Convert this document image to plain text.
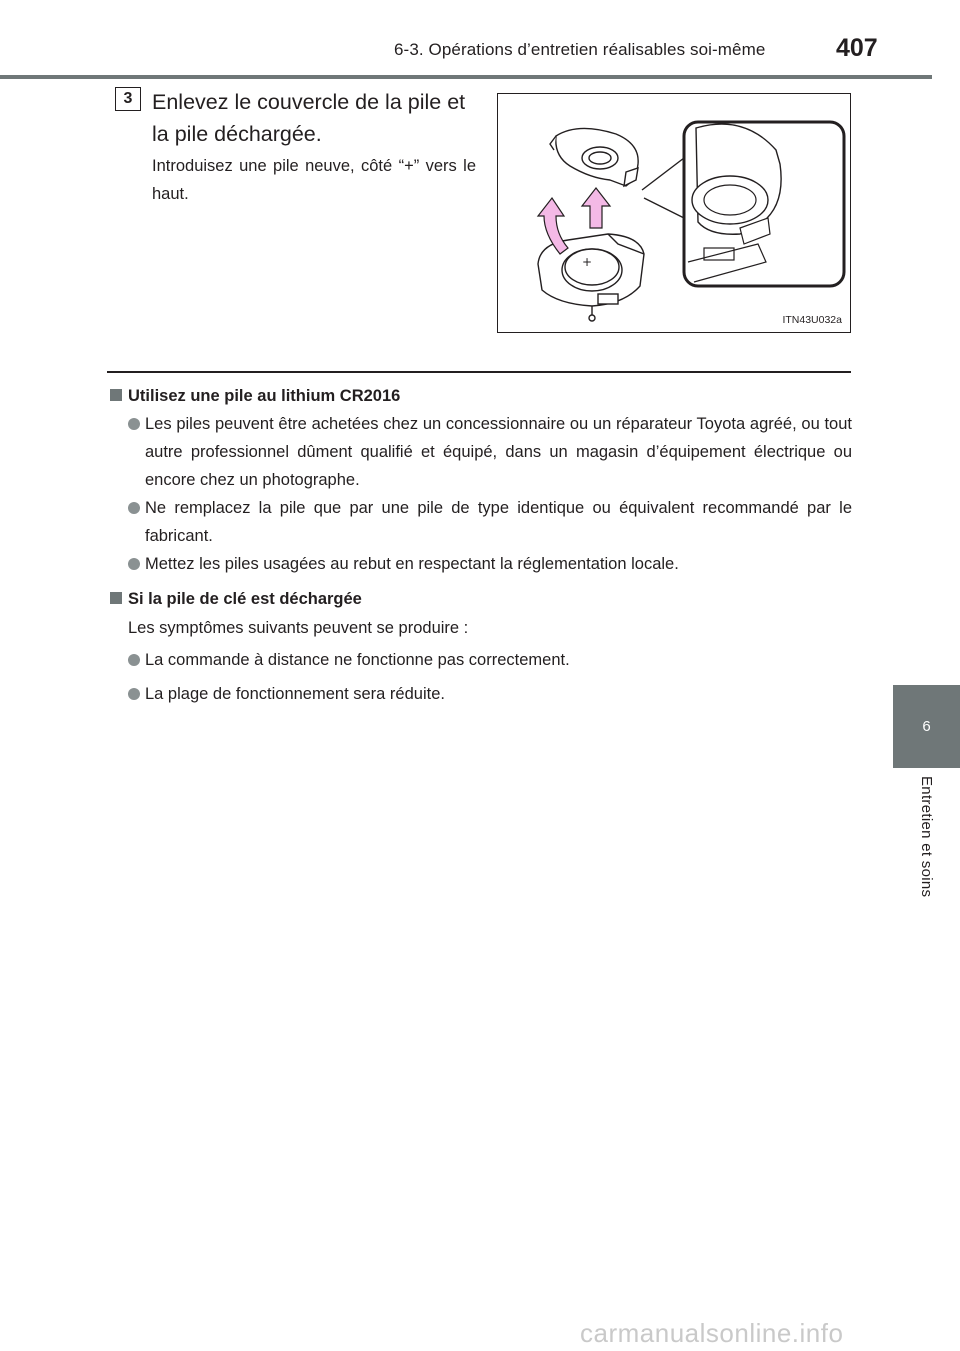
6-3. Opérations d’entretien réalisables soi-même	407
6
Entretien et soins
3 Enlevez le couvercle de la pile et la pile déchargée.
Introduisez une pile neuve, côté “+” vers le haut.
+
ITN43U032a
Utilisez une pile au lithium CR2016
Les piles peuvent être achetées chez un concessionnaire ou un réparateur Toyota agréé, ou tout autre professionnel dûment qualifié et équipé, dans un magasin d’équipement électrique ou encore chez un photographe.
Ne remplacez la pile que par une pile de type identique ou équivalent recommandé par le fabricant.
Mettez les piles usagées au rebut en respectant la réglementation locale.
Si la pile de clé est déchargée
Les symptômes suivants peuvent se produire :
La commande à distance ne fonctionne pas correctement.
La plage de fonctionnement sera réduite.
carmanualsonline.info
